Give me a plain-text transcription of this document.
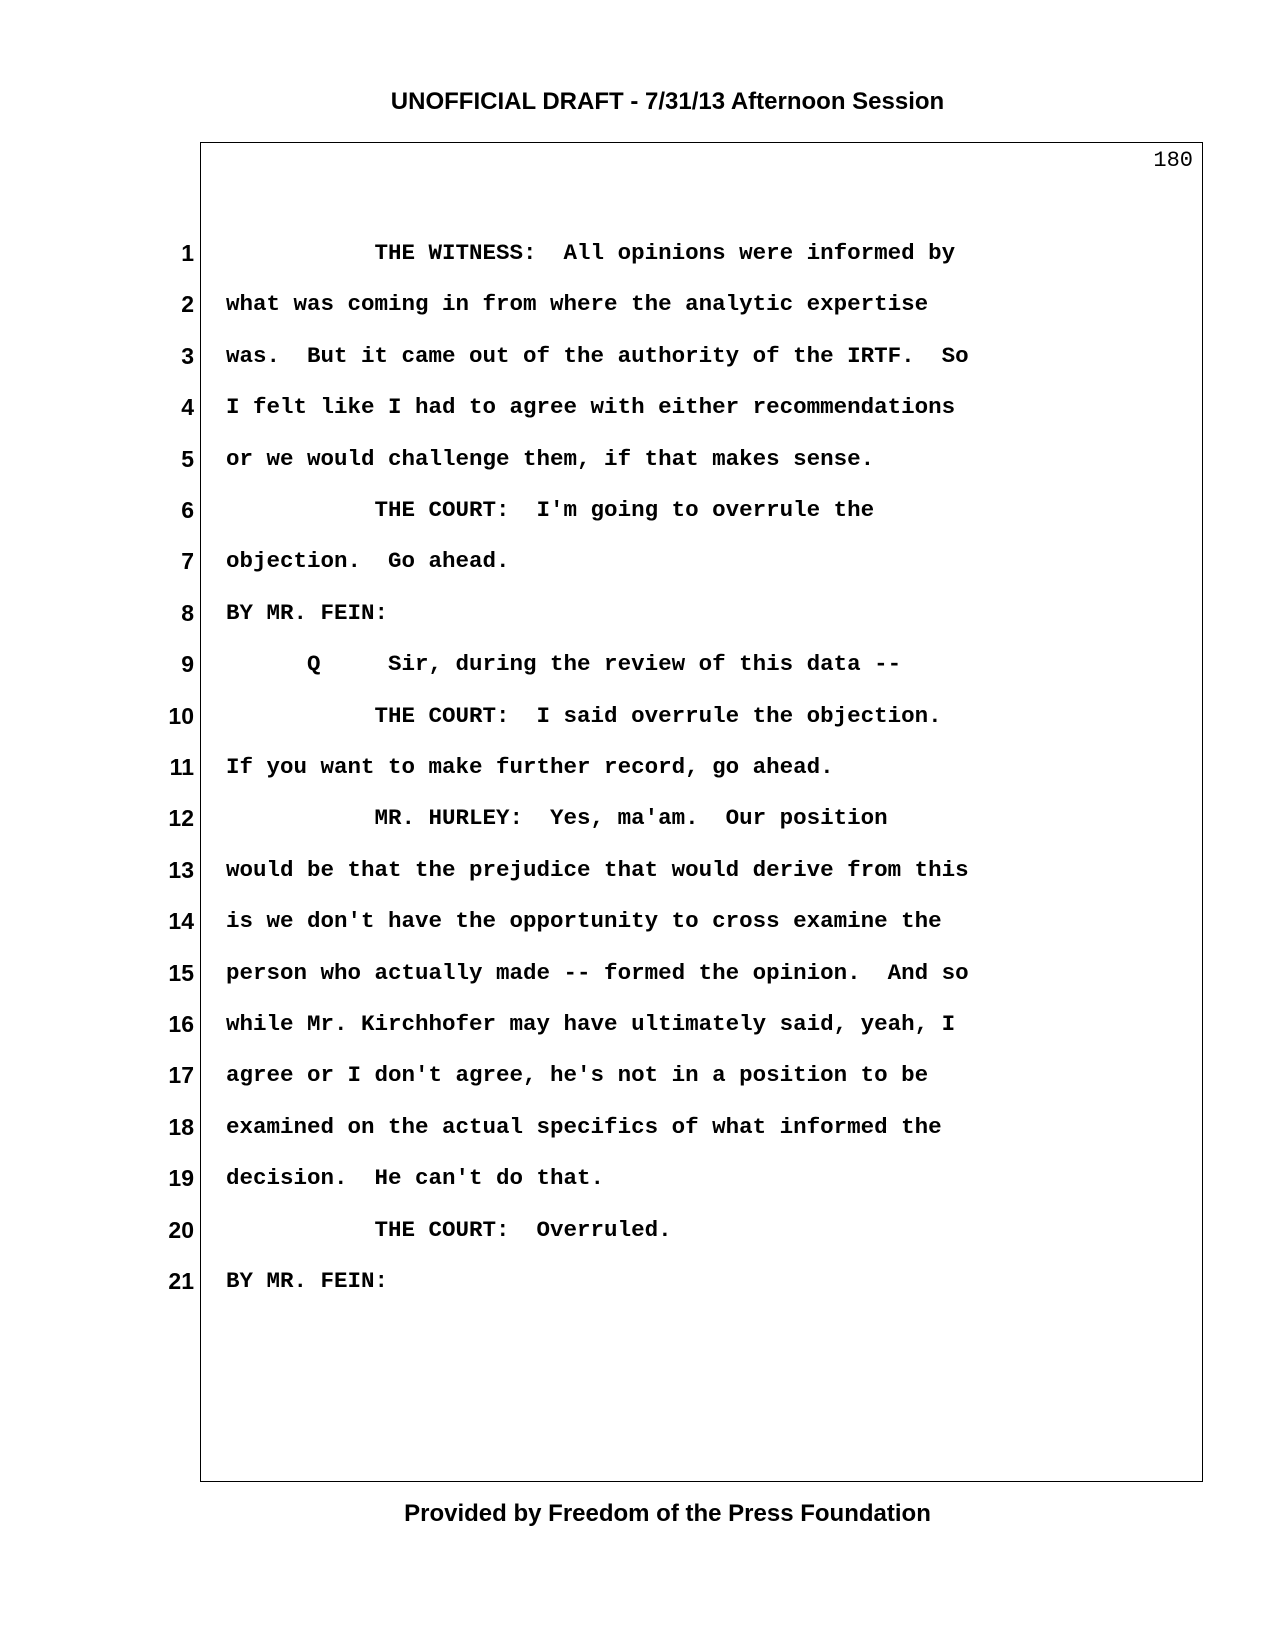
UNOFFICIAL DRAFT - 7/31/13 Afternoon Session
180
1 THE WITNESS:  All opinions were informed by
2 what was coming in from where the analytic expertise
3 was.  But it came out of the authority of the IRTF.  So
4 I felt like I had to agree with either recommendations
5 or we would challenge them, if that makes sense.
6 THE COURT:  I'm going to overrule the
7 objection.  Go ahead.
8 BY MR. FEIN:
9 Q     Sir, during the review of this data --
10 THE COURT:  I said overrule the objection.
11 If you want to make further record, go ahead.
12 MR. HURLEY:  Yes, ma'am.  Our position
13 would be that the prejudice that would derive from this
14 is we don't have the opportunity to cross examine the
15 person who actually made -- formed the opinion.  And so
16 while Mr. Kirchhofer may have ultimately said, yeah, I
17 agree or I don't agree, he's not in a position to be
18 examined on the actual specifics of what informed the
19 decision.  He can't do that.
20 THE COURT:  Overruled.
21 BY MR. FEIN:
Provided by Freedom of the Press Foundation
